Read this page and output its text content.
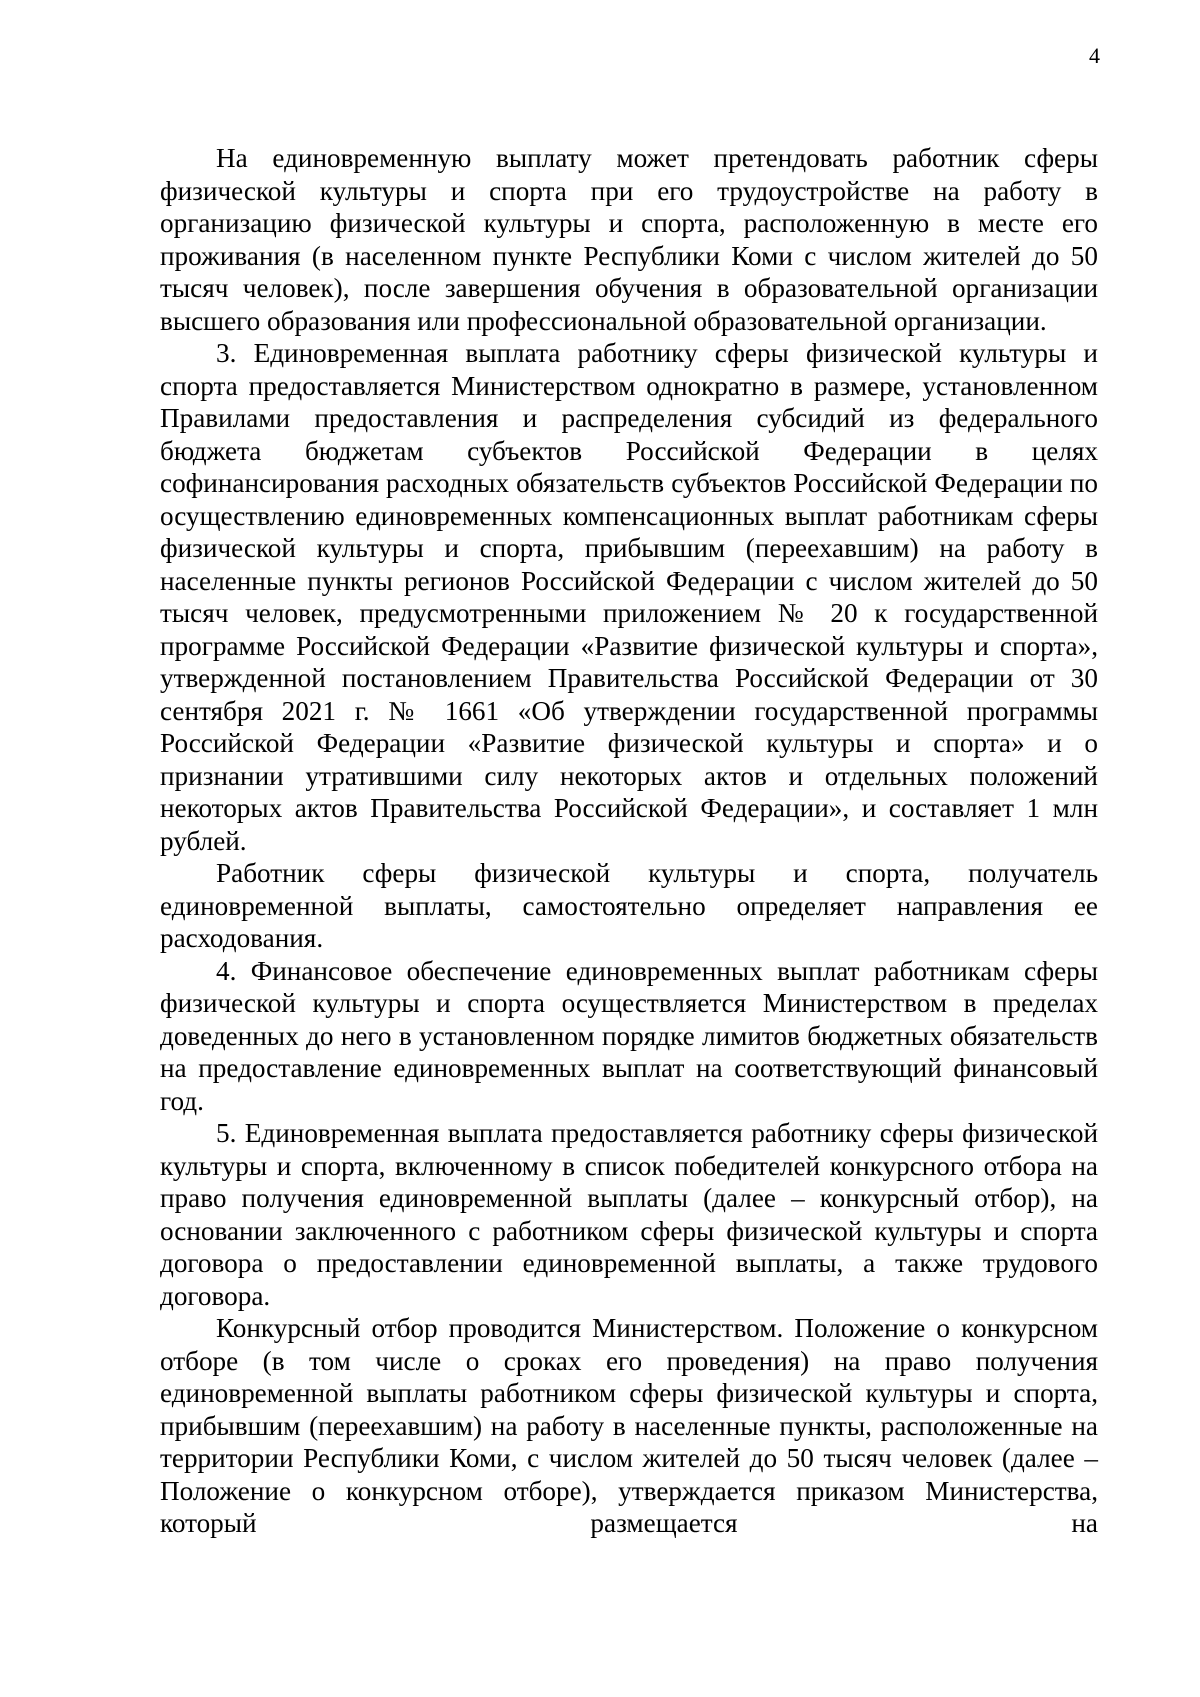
4

На единовременную выплату может претендовать работник сферы физической культуры и спорта при его трудоустройстве на работу в организацию физической культуры и спорта, расположенную в месте его проживания (в населенном пункте Республики Коми с числом жителей до 50 тысяч человек), после завершения обучения в образовательной организации высшего образования или профессиональной образовательной организации.

3. Единовременная выплата работнику сферы физической культуры и спорта предоставляется Министерством однократно в размере, установленном Правилами предоставления и распределения субсидий из федерального бюджета бюджетам субъектов Российской Федерации в целях софинансирования расходных обязательств субъектов Российской Федерации по осуществлению единовременных компенсационных выплат работникам сферы физической культуры и спорта, прибывшим (переехавшим) на работу в населенные пункты регионов Российской Федерации с числом жителей до 50 тысяч человек, предусмотренными приложением № 20 к государственной программе Российской Федерации «Развитие физической культуры и спорта», утвержденной постановлением Правительства Российской Федерации от 30 сентября 2021 г. № 1661 «Об утверждении государственной программы Российской Федерации «Развитие физической культуры и спорта» и о признании утратившими силу некоторых актов и отдельных положений некоторых актов Правительства Российской Федерации», и составляет 1 млн рублей.

Работник сферы физической культуры и спорта, получатель единовременной выплаты, самостоятельно определяет направления ее расходования.

4. Финансовое обеспечение единовременных выплат работникам сферы физической культуры и спорта осуществляется Министерством в пределах доведенных до него в установленном порядке лимитов бюджетных обязательств на предоставление единовременных выплат на соответствующий финансовый год.

5. Единовременная выплата предоставляется работнику сферы физической культуры и спорта, включенному в список победителей конкурсного отбора на право получения единовременной выплаты (далее – конкурсный отбор), на основании заключенного с работником сферы физической культуры и спорта договора о предоставлении единовременной выплаты, а также трудового договора.

Конкурсный отбор проводится Министерством. Положение о конкурсном отборе (в том числе о сроках его проведения) на право получения единовременной выплаты работником сферы физической культуры и спорта, прибывшим (переехавшим) на работу в населенные пункты, расположенные на территории Республики Коми, с числом жителей до 50 тысяч человек (далее – Положение о конкурсном отборе), утверждается приказом Министерства, который размещается на
